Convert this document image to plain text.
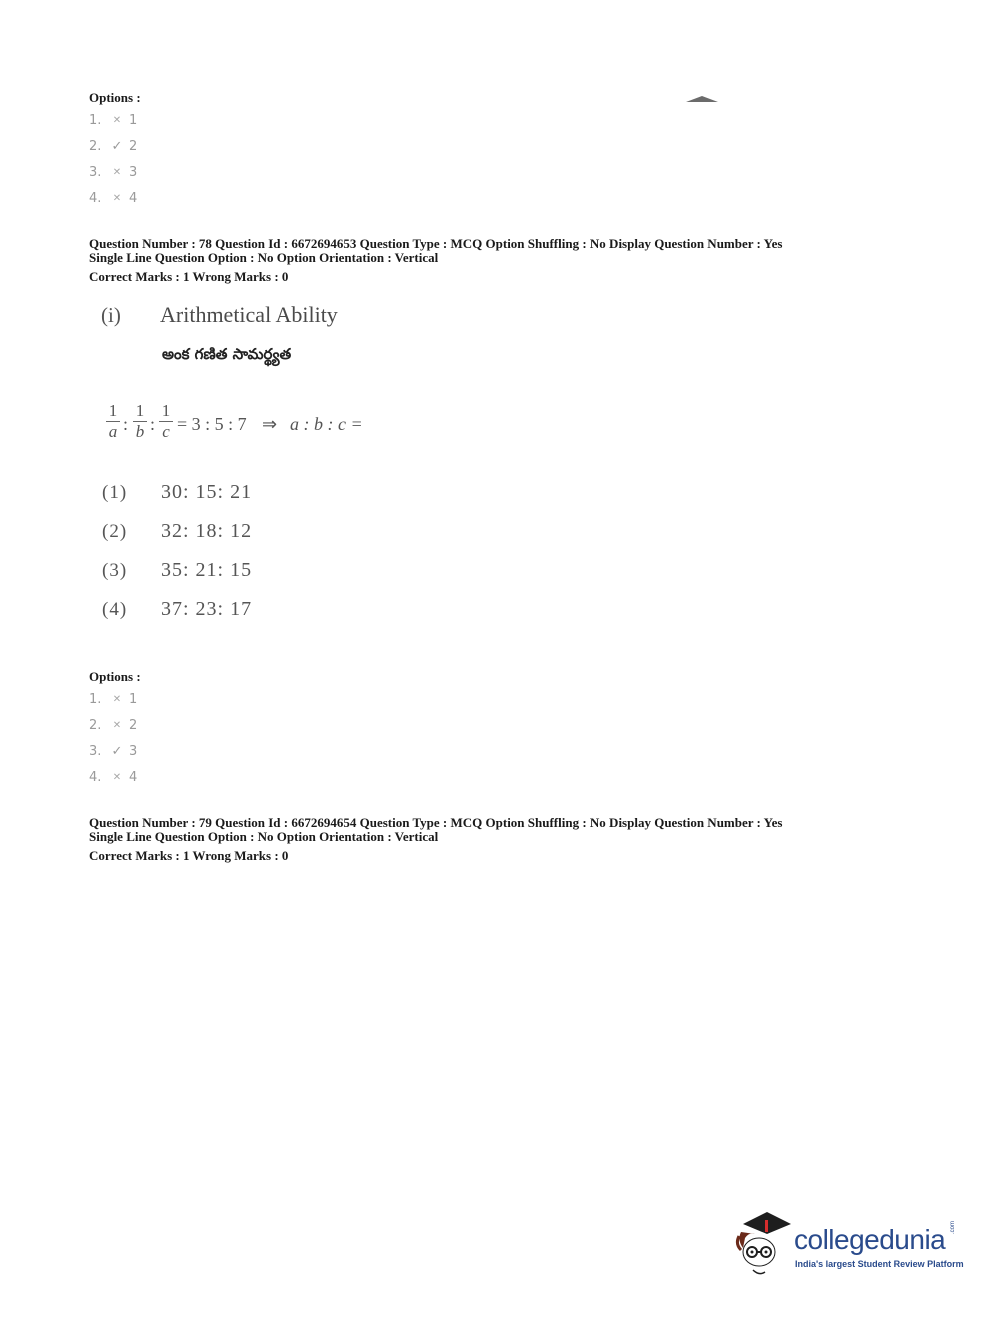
Options :
1.	✕ 1
2. ✓ 2
3.	✕ 3
4.	✕ 4
Question Number : 78 Question Id : 6672694653 Question Type : MCQ Option Shuffling : No Display Question Number : Yes
Single Line Question Option : No Option Orientation : Vertical
Correct Marks : 1 Wrong Marks : 0
(i) Arithmetical Ability
అంక గణిత సామర్థ్యత
1
a :
1
b :
1
c = 3 : 5 : 7 ⇒ a : b : c =
(1) 30: 15: 21
(2) 32: 18: 12
(3) 35: 21: 15
(4) 37: 23: 17
Options :
1.	✕ 1
2.	✕ 2
3. ✓ 3
4.	✕ 4
Question Number : 79 Question Id : 6672694654 Question Type : MCQ Option Shuffling : No Display Question Number : Yes
Single Line Question Option : No Option Orientation : Vertical
Correct Marks : 1 Wrong Marks : 0
collegedunia .com
India's largest Student Review Platform
